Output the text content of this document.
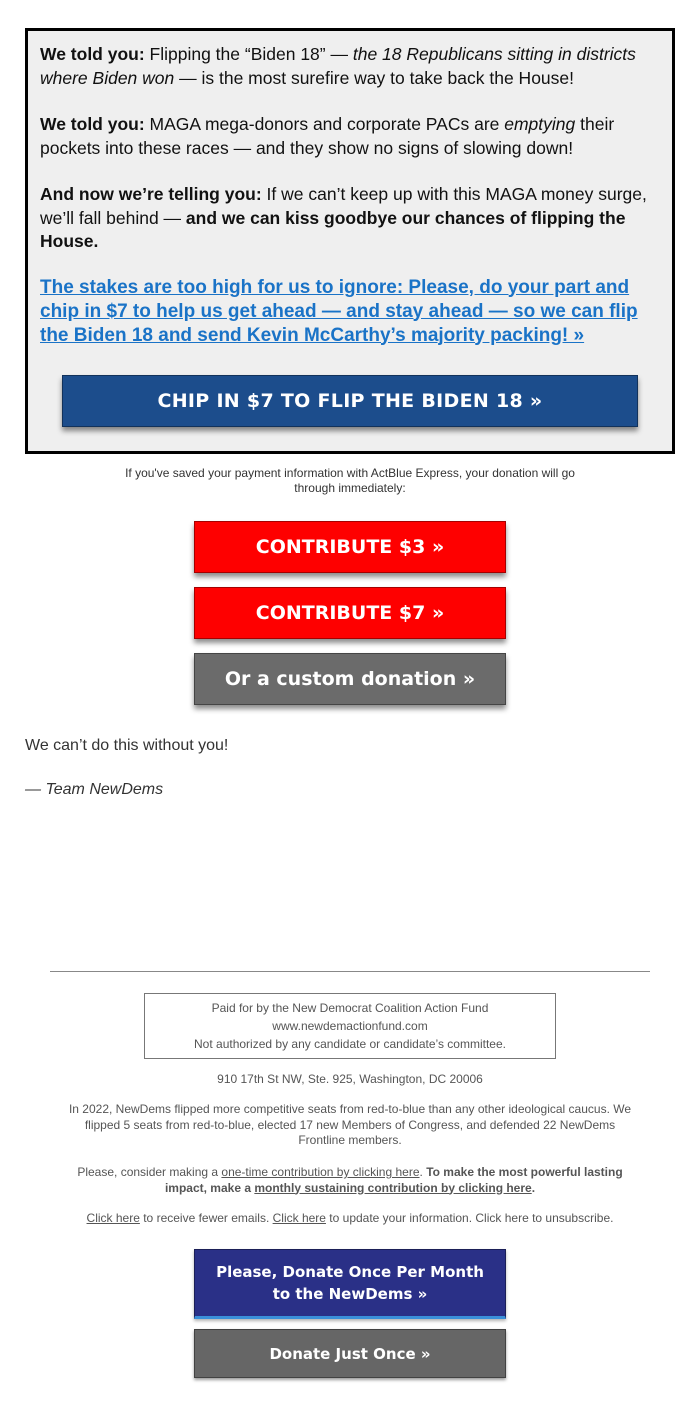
We told you: Flipping the “Biden 18” — the 18 Republicans sitting in districts where Biden won — is the most surefire way to take back the House!

We told you: MAGA mega-donors and corporate PACs are emptying their pockets into these races — and they show no signs of slowing down!

And now we’re telling you: If we can’t keep up with this MAGA money surge, we’ll fall behind — and we can kiss goodbye our chances of flipping the House.

The stakes are too high for us to ignore: Please, do your part and chip in $7 to help us get ahead — and stay ahead — so we can flip the Biden 18 and send Kevin McCarthy’s majority packing! »
CHIP IN $7 TO FLIP THE BIDEN 18 »
If you've saved your payment information with ActBlue Express, your donation will go through immediately:
CONTRIBUTE $3 »
CONTRIBUTE $7 »
Or a custom donation »
We can’t do this without you!
— Team NewDems
Paid for by the New Democrat Coalition Action Fund
www.newdemactionfund.com
Not authorized by any candidate or candidate’s committee.
910 17th St NW, Ste. 925, Washington, DC 20006
In 2022, NewDems flipped more competitive seats from red-to-blue than any other ideological caucus. We flipped 5 seats from red-to-blue, elected 17 new Members of Congress, and defended 22 NewDems Frontline members.
Please, consider making a one-time contribution by clicking here. To make the most powerful lasting impact, make a monthly sustaining contribution by clicking here.
Click here to receive fewer emails. Click here to update your information. Click here to unsubscribe.
Please, Donate Once Per Month to the NewDems »
Donate Just Once »
